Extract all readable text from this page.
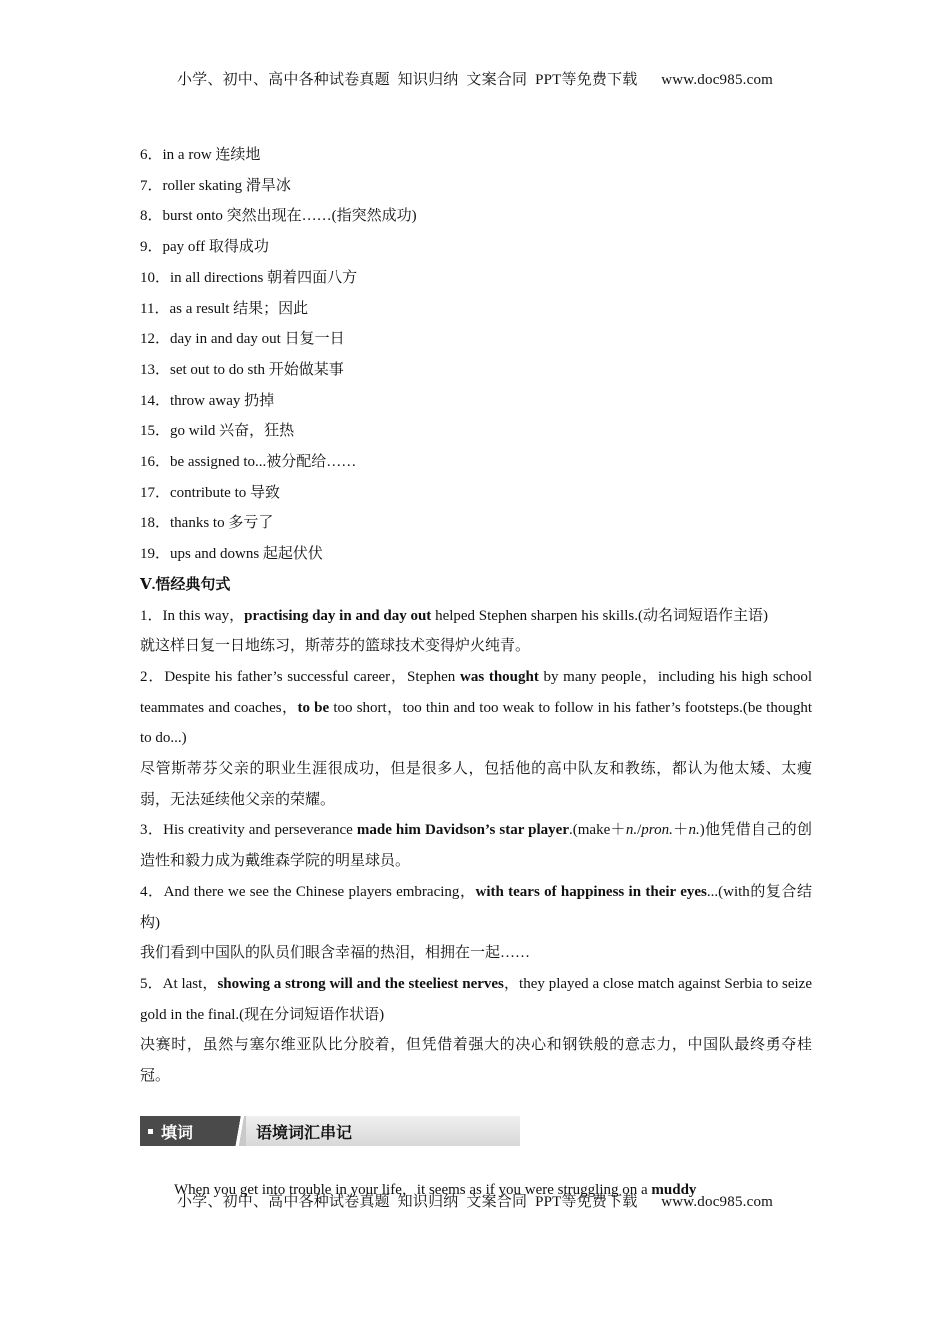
小学、初中、高中各种试卷真题  知识归纳  文案合同  PPT等免费下载      www.doc985.com

6．in a row 连续地

7．roller skating 滑旱冰

8．burst onto 突然出现在……(指突然成功)

9．pay off 取得成功

10．in all directions 朝着四面八方

11．as a result 结果；因此

12．day in and day out 日复一日

13．set out to do sth 开始做某事

14．throw away 扔掉

15．go wild 兴奋，狂热

16．be assigned to...被分配给……

17．contribute to 导致

18．thanks to 多亏了

19．ups and downs 起起伏伏

Ⅴ.悟经典句式

1．In this way，practising day in and day out helped Stephen sharpen his skills.(动名词短语作主语)

就这样日复一日地练习，斯蒂芬的篮球技术变得炉火纯青。

2．Despite his father’s successful career，Stephen was thought by many people，including his high school teammates and coaches，to be too short，too thin and too weak to follow in his father’s footsteps.(be thought to do...)

尽管斯蒂芬父亲的职业生涯很成功，但是很多人，包括他的高中队友和教练，都认为他太矮、太瘦弱，无法延续他父亲的荣耀。

3．His creativity and perseverance made him Davidson’s star player.(make＋n./pron.＋n.)他凭借自己的创造性和毅力成为戴维森学院的明星球员。

4．And there we see the Chinese players embracing，with tears of happiness in their eyes...(with的复合结构)

我们看到中国队的队员们眼含幸福的热泪，相拥在一起……

5．At last，showing a strong will and the steeliest nerves，they played a close match against Serbia to seize gold in the final.(现在分词短语作状语)

决赛时，虽然与塞尔维亚队比分胶着，但凭借着强大的决心和钢铁般的意志力，中国队最终勇夺桂冠。

填词	语境词汇串记

When you get into trouble in your life，it seems as if you were struggling on a muddy

小学、初中、高中各种试卷真题  知识归纳  文案合同  PPT等免费下载      www.doc985.com
